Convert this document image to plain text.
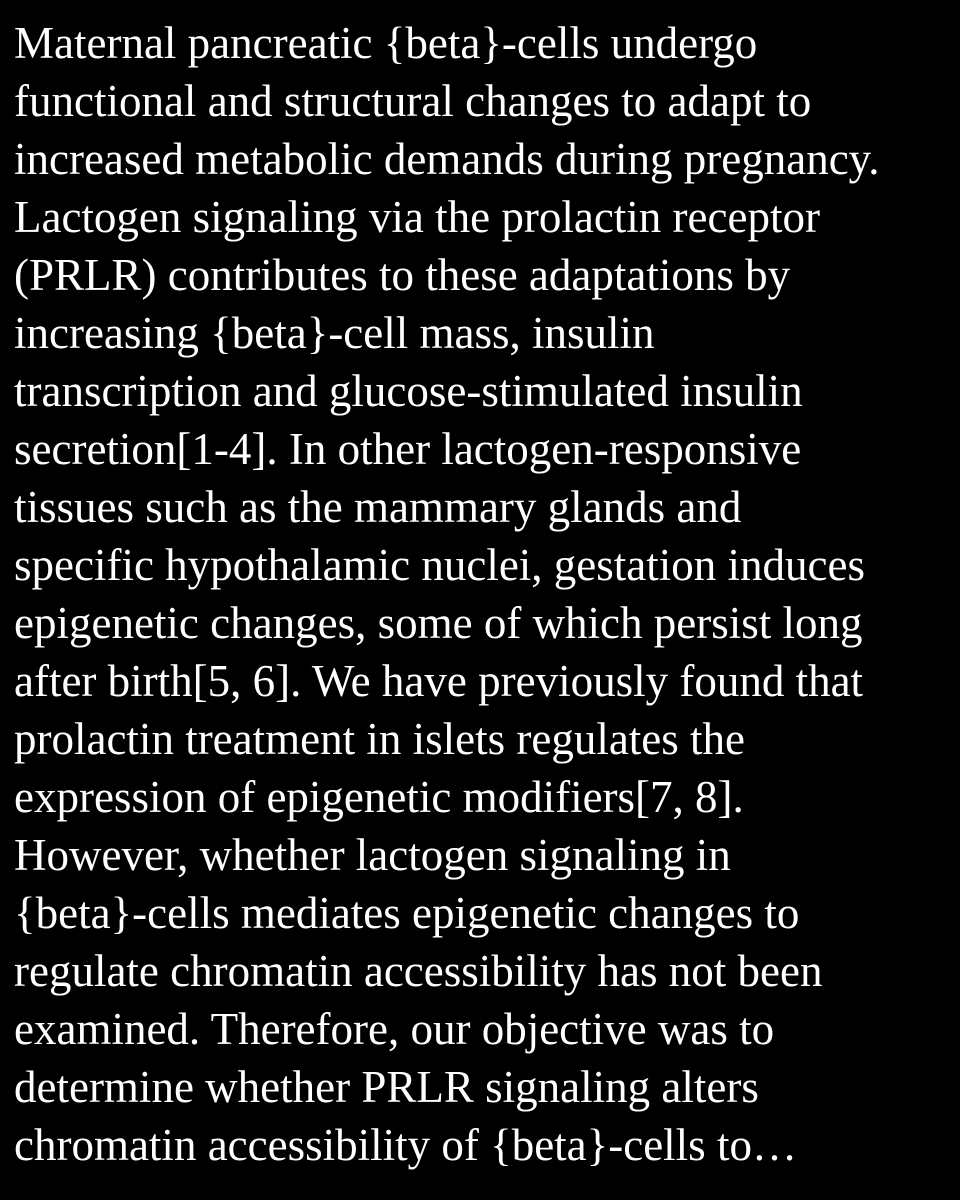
Maternal pancreatic {beta}-cells undergo
functional and structural changes to adapt to
increased metabolic demands during pregnancy.
Lactogen signaling via the prolactin receptor
(PRLR) contributes to these adaptations by
increasing {beta}-cell mass, insulin
transcription and glucose-stimulated insulin
secretion[1-4]. In other lactogen-responsive
tissues such as the mammary glands and
specific hypothalamic nuclei, gestation induces
epigenetic changes, some of which persist long
after birth[5, 6]. We have previously found that
prolactin treatment in islets regulates the
expression of epigenetic modifiers[7, 8].
However, whether lactogen signaling in
{beta}-cells mediates epigenetic changes to
regulate chromatin accessibility has not been
examined. Therefore, our objective was to
determine whether PRLR signaling alters
chromatin accessibility of {beta}-cells to…
